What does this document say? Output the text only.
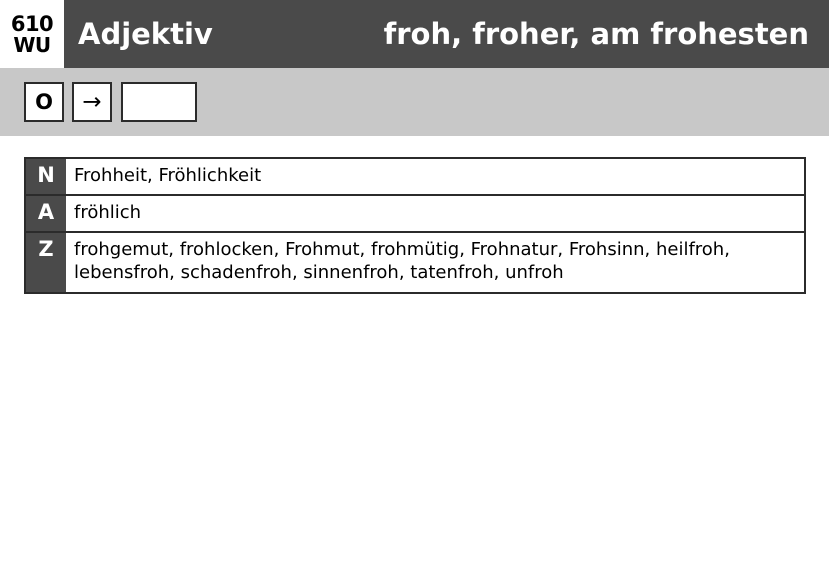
610
WU Adjektiv	froh, froher, am frohesten
O	→
N	Frohheit, Fröhlichkeit
A	fröhlich
Z	frohgemut, frohlocken, Frohmut, frohmütig, Frohnatur, Frohsinn, heilfroh, lebensfroh, schadenfroh, sinnenfroh, tatenfroh, unfroh
